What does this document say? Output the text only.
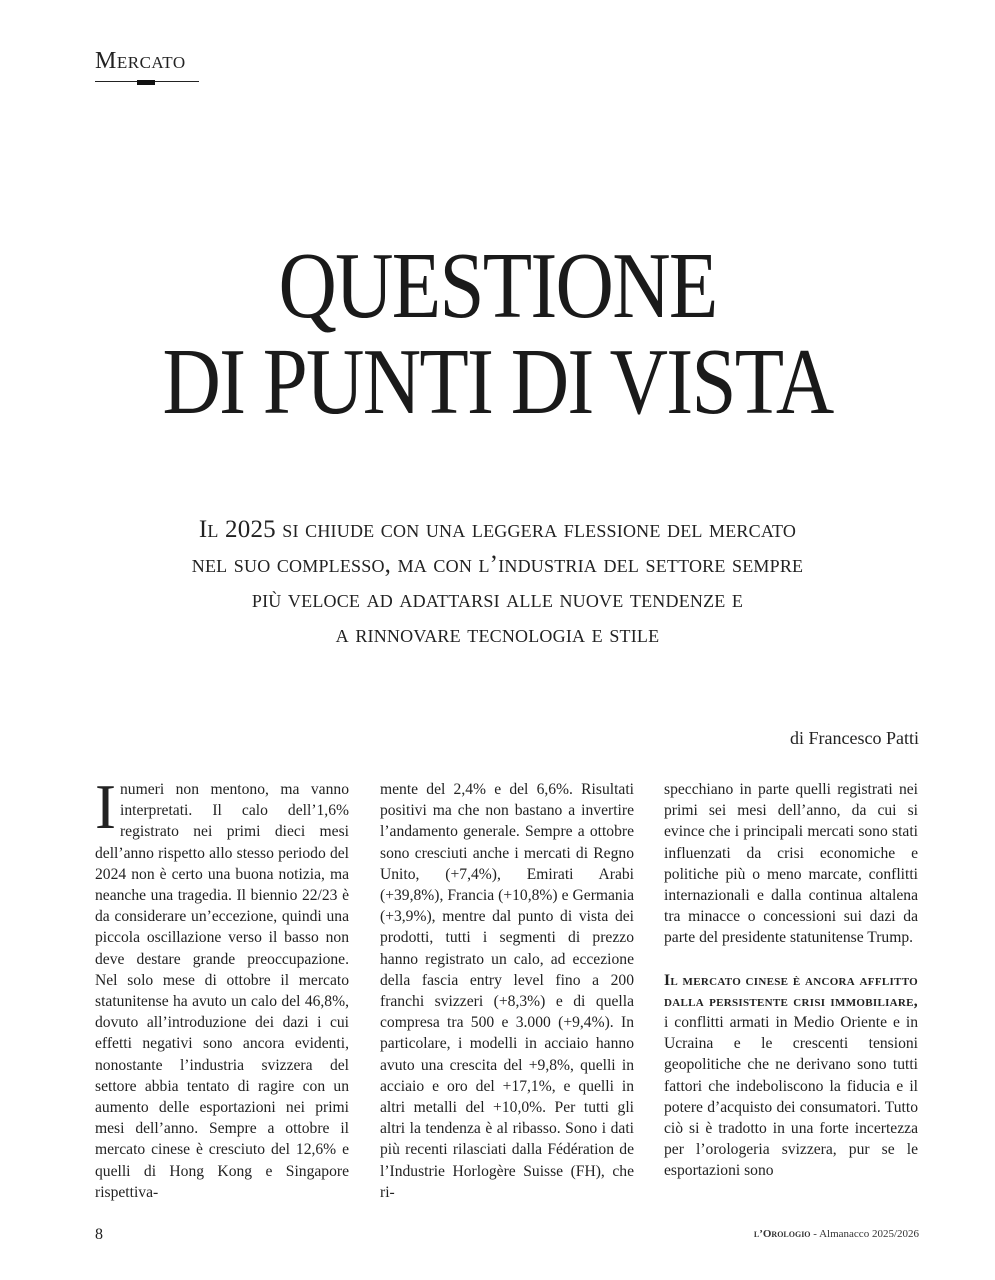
Mercato
QUESTIONE
DI PUNTI DI VISTA
Il 2025 si chiude con una leggera flessione del mercato
nel suo complesso, ma con l’industria del settore sempre
più veloce ad adattarsi alle nuove tendenze e
a rinnovare tecnologia e stile
di Francesco Patti

Inumeri non mentono, ma vanno interpretati. Il calo dell’1,6% registrato nei primi dieci mesi dell’anno rispetto allo stesso periodo del 2024 non è certo una buona notizia, ma neanche una tragedia. Il biennio 22/23 è da considerare un’eccezione, quindi una piccola oscillazione verso il basso non deve destare grande preoccupazione. Nel solo mese di ottobre il mercato statunitense ha avuto un calo del 46,8%, dovuto all’introduzione dei dazi i cui effetti negativi sono ancora evidenti, nonostante l’industria svizzera del settore abbia tentato di ragire con un aumento delle esportazioni nei primi mesi dell’anno. Sempre a ottobre il mercato cinese è cresciuto del 12,6% e quelli di Hong Kong e Singapore rispettiva-

mente del 2,4% e del 6,6%. Risultati positivi ma che non bastano a invertire l’andamento generale. Sempre a ottobre sono cresciuti anche i mercati di Regno Unito, (+7,4%), Emirati Arabi (+39,8%), Francia (+10,8%) e Germania (+3,9%), mentre dal punto di vista dei prodotti, tutti i segmenti di prezzo hanno registrato un calo, ad eccezione della fascia entry level fino a 200 franchi svizzeri (+8,3%) e di quella compresa tra 500 e 3.000 (+9,4%). In particolare, i modelli in acciaio hanno avuto una crescita del +9,8%, quelli in acciaio e oro del +17,1%, e quelli in altri metalli del +10,0%. Per tutti gli altri la tendenza è al ribasso. Sono i dati più recenti rilasciati dalla Fédération de l’Industrie Horlogère Suisse (FH), che ri-

specchiano in parte quelli registrati nei primi sei mesi dell’anno, da cui si evince che i principali mercati sono stati influenzati da crisi economiche e politiche più o meno marcate, conflitti internazionali e dalla continua altalena tra minacce o concessioni sui dazi da parte del presidente statunitense Trump.

Il mercato cinese è ancora afflitto dalla persistente crisi immobiliare, i conflitti armati in Medio Oriente e in Ucraina e le crescenti tensioni geopolitiche che ne derivano sono tutti fattori che indeboliscono la fiducia e il potere d’acquisto dei consumatori. Tutto ciò si è tradotto in una forte incertezza per l’orologeria svizzera, pur se le esportazioni sono

8	l’Orologio - Almanacco 2025/2026
